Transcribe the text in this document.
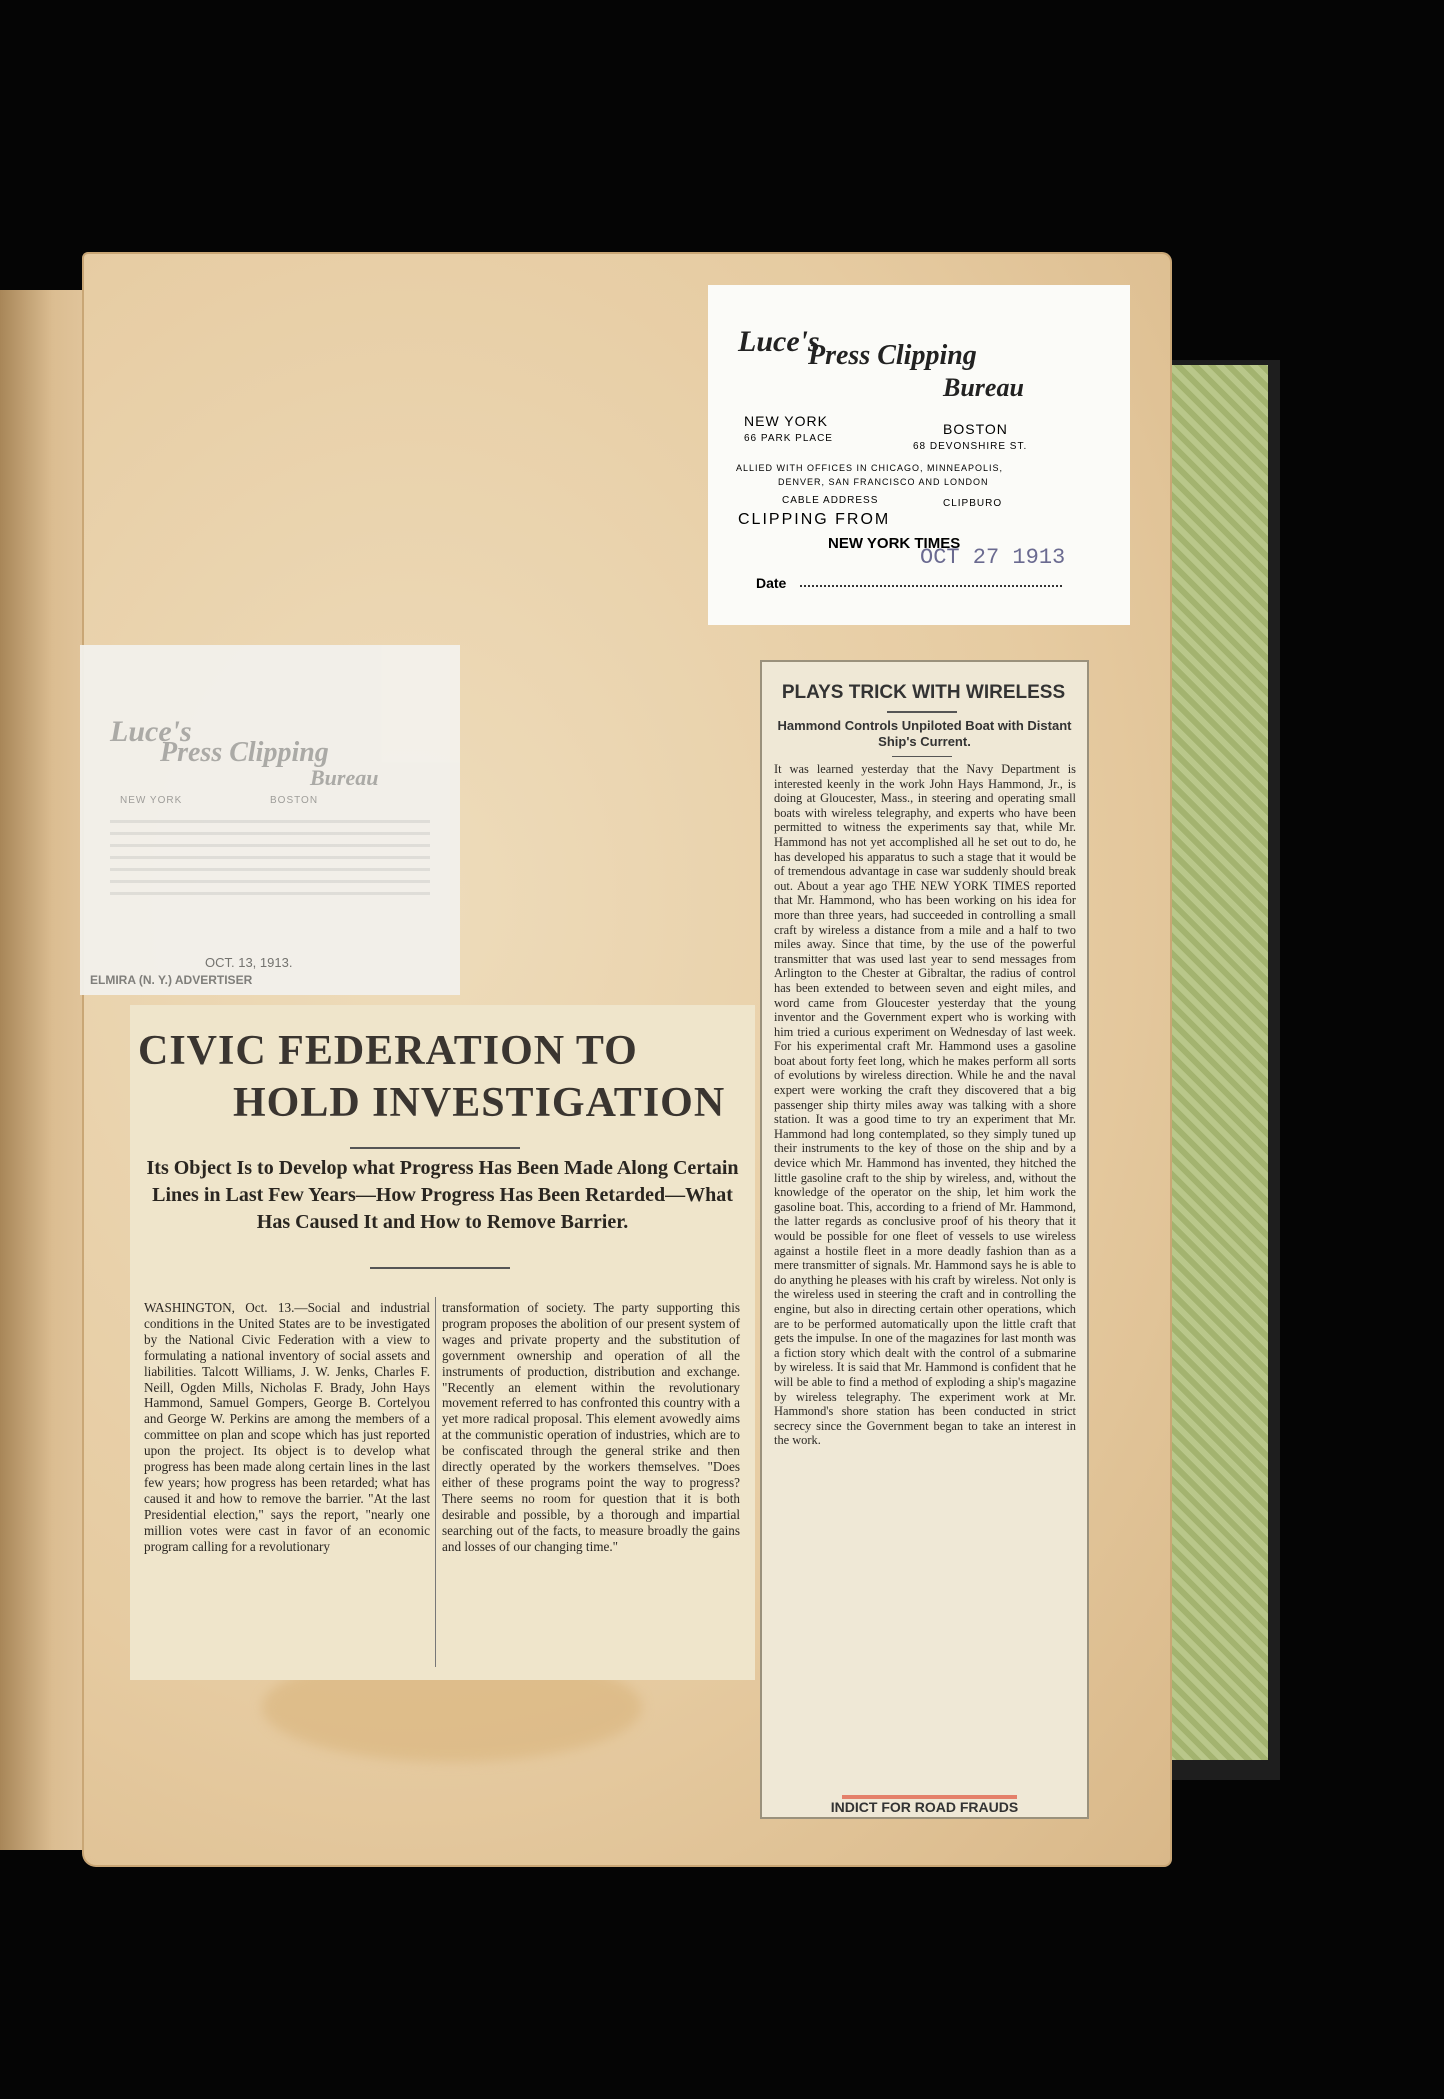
Luce's
Press Clipping
Bureau
NEW YORK
66 PARK PLACE
BOSTON
68 DEVONSHIRE ST.
ALLIED WITH OFFICES IN CHICAGO, MINNEAPOLIS,
DENVER, SAN FRANCISCO AND LONDON
CABLE ADDRESS	CLIPBURO
CLIPPING FROM
NEW YORK TIMES
OCT 27 1913
Date
Luce's
Press Clipping
Bureau
NEW YORK	BOSTON
OCT. 13, 1913.
ELMIRA (N. Y.) ADVERTISER
CIVIC FEDERATION TO
HOLD INVESTIGATION
Its Object Is to Develop what Progress Has Been Made Along Certain Lines in Last Few Years—How Progress Has Been Retarded—What Has Caused It and How to Remove Barrier.
WASHINGTON, Oct. 13.—Social and industrial conditions in the United States are to be investigated by the National Civic Federation with a view to formulating a national inventory of social assets and liabilities. Talcott Williams, J. W. Jenks, Charles F. Neill, Ogden Mills, Nicholas F. Brady, John Hays Hammond, Samuel Gompers, George B. Cortelyou and George W. Perkins are among the members of a committee on plan and scope which has just reported upon the project. Its object is to develop what progress has been made along certain lines in the last few years; how progress has been retarded; what has caused it and how to remove the barrier. "At the last Presidential election," says the report, "nearly one million votes were cast in favor of an economic program calling for a revolutionary
transformation of society. The party supporting this program proposes the abolition of our present system of wages and private property and the substitution of government ownership and operation of all the instruments of production, distribution and exchange. "Recently an element within the revolutionary movement referred to has confronted this country with a yet more radical proposal. This element avowedly aims at the communistic operation of industries, which are to be confiscated through the general strike and then directly operated by the workers themselves. "Does either of these programs point the way to progress? There seems no room for question that it is both desirable and possible, by a thorough and impartial searching out of the facts, to measure broadly the gains and losses of our changing time."
PLAYS TRICK WITH WIRELESS
Hammond Controls Unpiloted Boat with Distant Ship's Current.
It was learned yesterday that the Navy Department is interested keenly in the work John Hays Hammond, Jr., is doing at Gloucester, Mass., in steering and operating small boats with wireless telegraphy, and experts who have been permitted to witness the experiments say that, while Mr. Hammond has not yet accomplished all he set out to do, he has developed his apparatus to such a stage that it would be of tremendous advantage in case war suddenly should break out. About a year ago THE NEW YORK TIMES reported that Mr. Hammond, who has been working on his idea for more than three years, had succeeded in controlling a small craft by wireless a distance from a mile and a half to two miles away. Since that time, by the use of the powerful transmitter that was used last year to send messages from Arlington to the Chester at Gibraltar, the radius of control has been extended to between seven and eight miles, and word came from Gloucester yesterday that the young inventor and the Government expert who is working with him tried a curious experiment on Wednesday of last week. For his experimental craft Mr. Hammond uses a gasoline boat about forty feet long, which he makes perform all sorts of evolutions by wireless direction. While he and the naval expert were working the craft they discovered that a big passenger ship thirty miles away was talking with a shore station. It was a good time to try an experiment that Mr. Hammond had long contemplated, so they simply tuned up their instruments to the key of those on the ship and by a device which Mr. Hammond has invented, they hitched the little gasoline craft to the ship by wireless, and, without the knowledge of the operator on the ship, let him work the gasoline boat. This, according to a friend of Mr. Hammond, the latter regards as conclusive proof of his theory that it would be possible for one fleet of vessels to use wireless against a hostile fleet in a more deadly fashion than as a mere transmitter of signals. Mr. Hammond says he is able to do anything he pleases with his craft by wireless. Not only is the wireless used in steering the craft and in controlling the engine, but also in directing certain other operations, which are to be performed automatically upon the little craft that gets the impulse. In one of the magazines for last month was a fiction story which dealt with the control of a submarine by wireless. It is said that Mr. Hammond is confident that he will be able to find a method of exploding a ship's magazine by wireless telegraphy. The experiment work at Mr. Hammond's shore station has been conducted in strict secrecy since the Government began to take an interest in the work.
INDICT FOR ROAD FRAUDS
